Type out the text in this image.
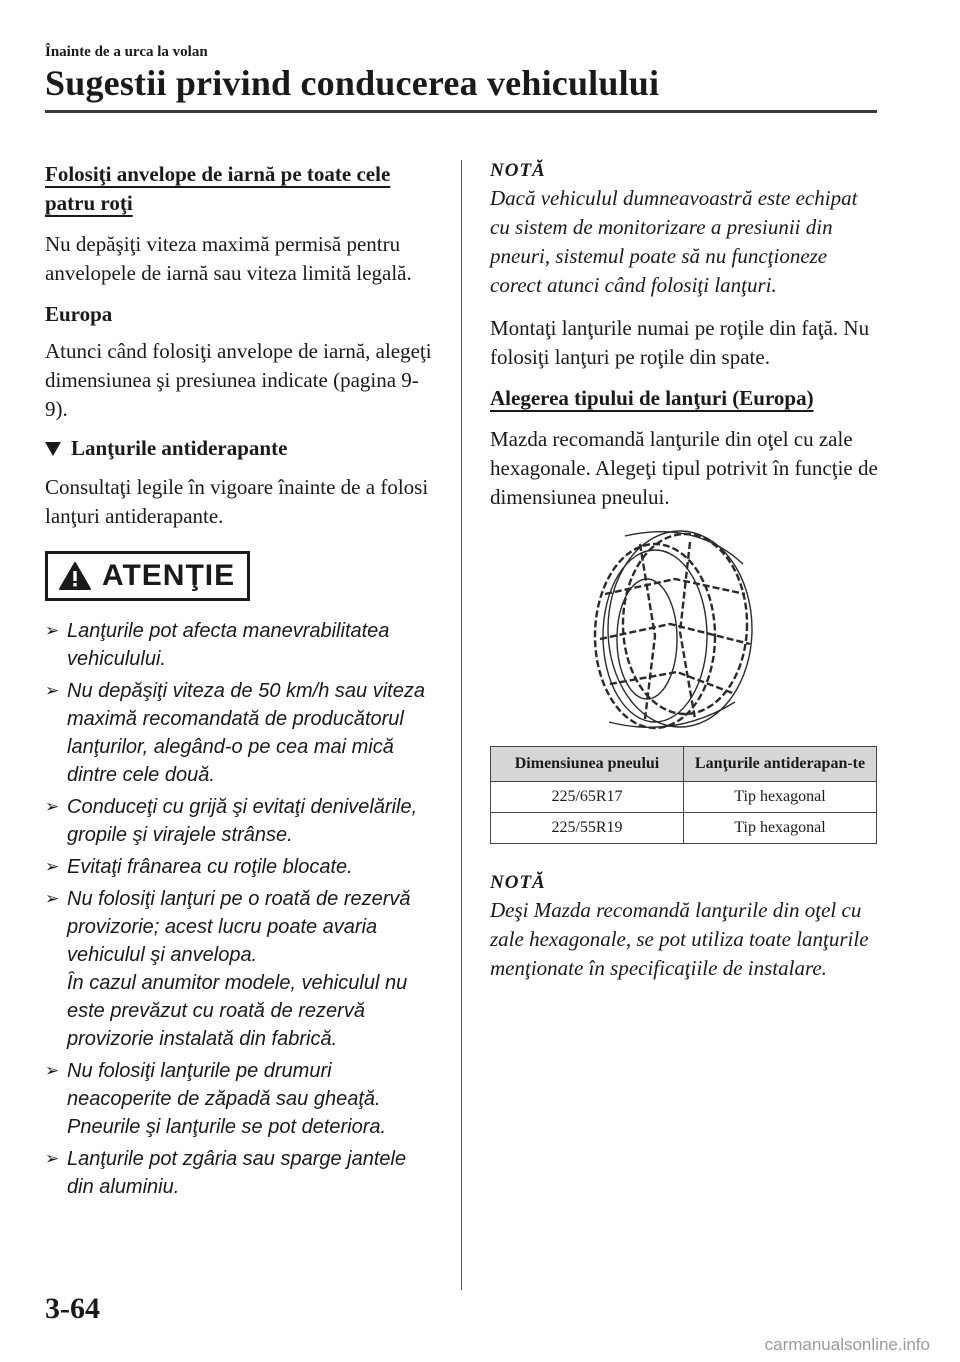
Înainte de a urca la volan
Sugestii privind conducerea vehiculului
Folosiţi anvelope de iarnă pe toate cele
patru roţi

Nu depăşiţi viteza maximă permisă pentru anvelopele de iarnă sau viteza limită legală.

Europa

Atunci când folosiţi anvelope de iarnă, alegeţi dimensiunea şi presiunea indicate (pagina 9-9).

Lanţurile antiderapante

Consultaţi legile în vigoare înainte de a folosi lanţuri antiderapante.

ATENŢIE
➢ Lanţurile pot afecta manevrabilitatea vehiculului.
➢ Nu depăşiţi viteza de 50 km/h sau viteza maximă recomandată de producătorul lanţurilor, alegând-o pe cea mai mică dintre cele două.
➢ Conduceţi cu grijă şi evitaţi denivelările, gropile şi virajele strânse.
➢ Evitaţi frânarea cu roţile blocate.
➢ Nu folosiţi lanţuri pe o roată de rezervă provizorie; acest lucru poate avaria vehiculul şi anvelopa.
În cazul anumitor modele, vehiculul nu este prevăzut cu roată de rezervă provizorie instalată din fabrică.
➢ Nu folosiţi lanţurile pe drumuri neacoperite de zăpadă sau gheaţă. Pneurile şi lanţurile se pot deteriora.
➢ Lanţurile pot zgâria sau sparge jantele din aluminiu.
NOTĂ

Dacă vehiculul dumneavoastră este echipat cu sistem de monitorizare a presiunii din pneuri, sistemul poate să nu funcţioneze corect atunci când folosiţi lanţuri.

Montaţi lanţurile numai pe roţile din faţă. Nu folosiţi lanţuri pe roţile din spate.

Alegerea tipului de lanţuri (Europa)

Mazda recomandă lanţurile din oţel cu zale hexagonale. Alegeţi tipul potrivit în funcţie de dimensiunea pneului.

Dimensiunea pneului	Lanţurile antiderapan-te
225/65R17	Tip hexagonal
225/55R19	Tip hexagonal
NOTĂ

Deşi Mazda recomandă lanţurile din oţel cu zale hexagonale, se pot utiliza toate lanţurile menţionate în specificaţiile de instalare.

3-64
carmanualsonline.info
